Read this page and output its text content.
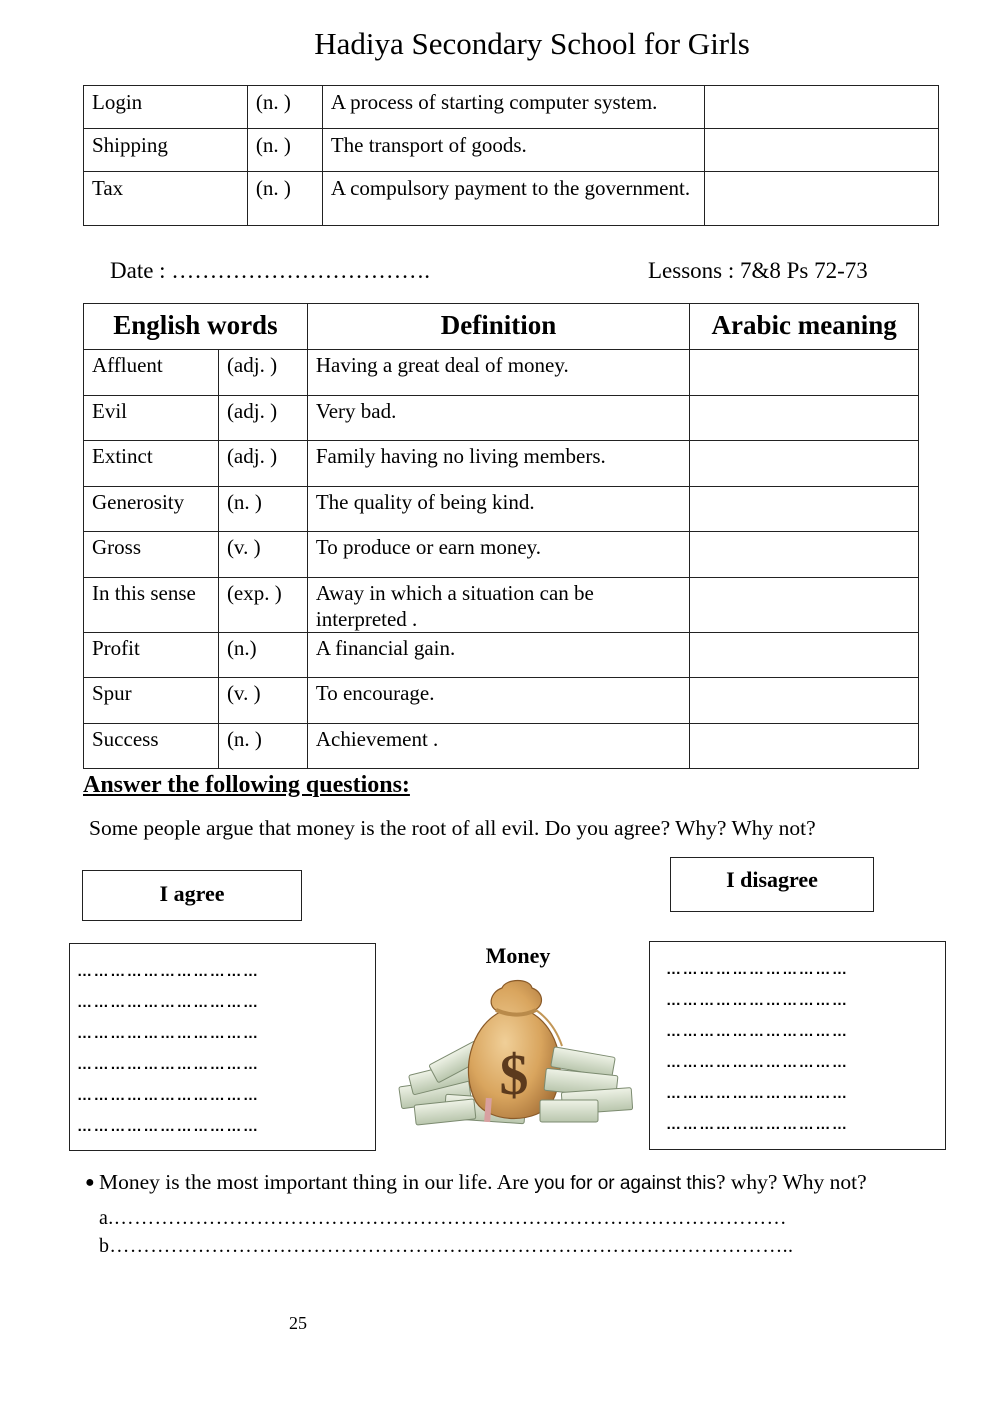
Hadiya Secondary School for Girls
Login	(n. )	A process of starting computer system.	
Shipping	(n. )	The transport of goods.	
Tax	(n. )	A compulsory payment to the government.	
Date : …………………………….	Lessons : 7&8 Ps 72-73
English words		Definition	Arabic meaning
Affluent	(adj. )	Having a great deal of money.	
Evil	(adj. )	Very bad.	
Extinct	(adj. )	Family having no living members.	
Generosity	(n. )	The quality of being kind.	
Gross	(v. )	To produce or earn money.	
In this sense	(exp. )	Away in which a situation can be interpreted .	
Profit	(n.)	A financial gain.	
Spur	(v. )	To encourage.	
Success	(n. )	Achievement .	
Answer the following questions:
Some people argue that money is the root of all evil. Do you agree? Why? Why not?
I agree
I disagree
……………………………
……………………………
……………………………
……………………………
……………………………
……………………………
Money
$
……………………………
……………………………
……………………………
……………………………
……………………………
……………………………
● Money is the most important thing in our life. Are you for or against this? why? Why not?
a.………………………………………………………………………………………
b………………………………………………………………………………………..
25
